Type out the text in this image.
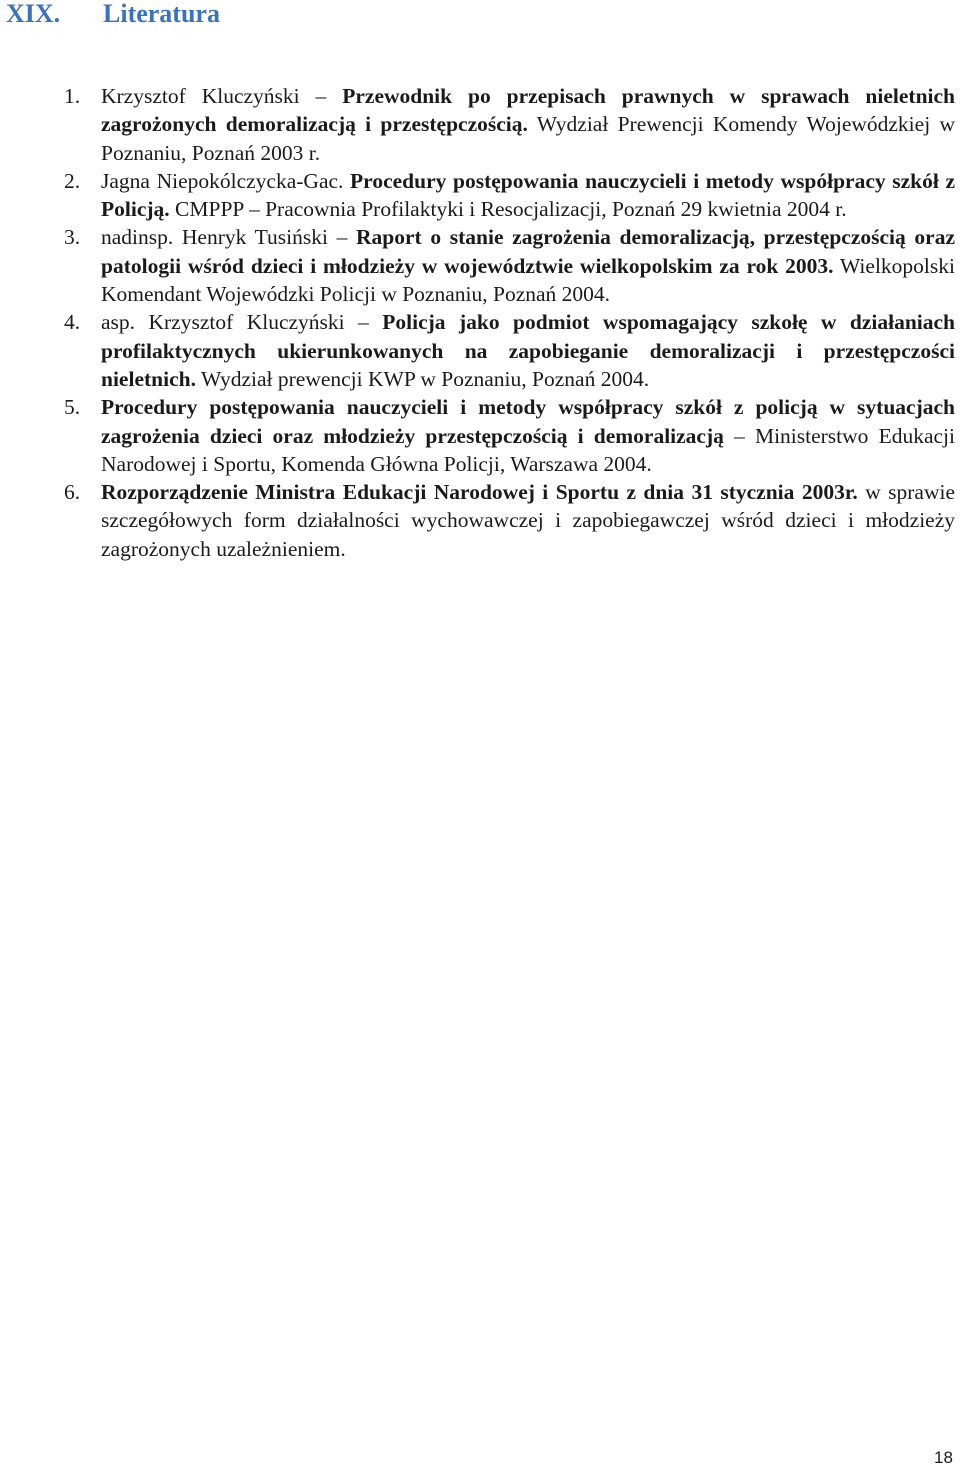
XIX. Literatura
1. Krzysztof Kluczyński – Przewodnik po przepisach prawnych w sprawach nieletnich zagrożonych demoralizacją i przestępczością. Wydział Prewencji Komendy Wojewódzkiej w Poznaniu, Poznań 2003 r.
2. Jagna Niepokólczycka-Gac. Procedury postępowania nauczycieli i metody współpracy szkół z Policją. CMPPP – Pracownia Profilaktyki i Resocjalizacji, Poznań 29 kwietnia 2004 r.
3. nadinsp. Henryk Tusiński – Raport o stanie zagrożenia demoralizacją, przestępczością oraz patologii wśród dzieci i młodzieży w województwie wielkopolskim za rok 2003. Wielkopolski Komendant Wojewódzki Policji w Poznaniu, Poznań 2004.
4. asp. Krzysztof Kluczyński – Policja jako podmiot wspomagający szkołę w działaniach profilaktycznych ukierunkowanych na zapobieganie demoralizacji i przestępczości nieletnich. Wydział prewencji KWP w Poznaniu, Poznań 2004.
5. Procedury postępowania nauczycieli i metody współpracy szkół z policją w sytuacjach zagrożenia dzieci oraz młodzieży przestępczością i demoralizacją – Ministerstwo Edukacji Narodowej i Sportu, Komenda Główna Policji, Warszawa 2004.
6. Rozporządzenie Ministra Edukacji Narodowej i Sportu z dnia 31 stycznia 2003r. w sprawie szczegółowych form działalności wychowawczej i zapobiegawczej wśród dzieci i młodzieży zagrożonych uzależnieniem.
18
